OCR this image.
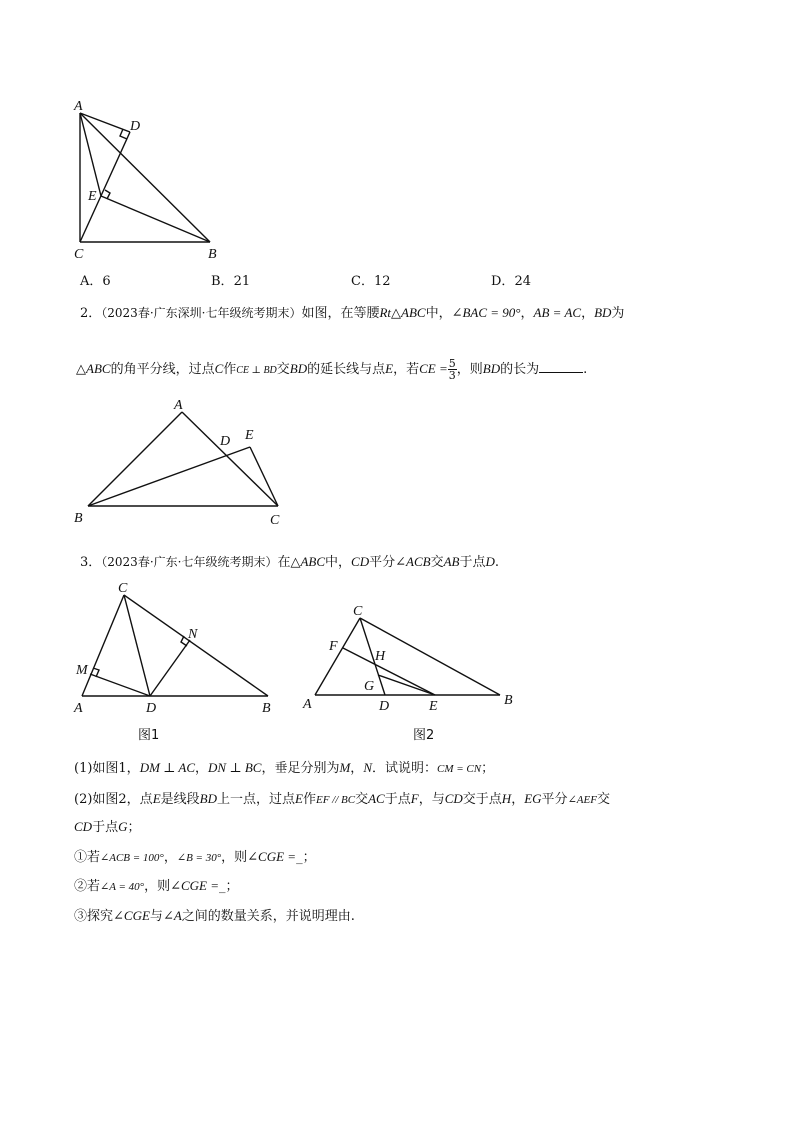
A
D
E
C	B
A．6	B．21	C．12	D．24
2．（2023春·广东深圳·七年级统考期末）如图，在等腰Rt△ABC中，∠BAC = 90°，AB = AC，BD为
△ABC的角平分线，过点C作CE ⊥ BD交BD的延长线与点E，若CE = $\frac{5}{3}$ ，则BD的长为	.
A
D E
B	C
3．（2023春·广东·七年级统考期末）在△ABC中，CD平分∠ACB交AB于点D.
C
N
M
A	D	B
图1
C
F
H
G
A	D	E	B
图2
(1)如图1，DM ⊥ AC，DN ⊥ BC，垂足分别为M，N．试说明：CM = CN；
(2)如图2，点E是线段BD上一点，过点E作EF // BC交AC于点F，与CD交于点H，EG平分∠AEF交
CD于点G；
①若∠ACB = 100°，∠B = 30°，则∠CGE =_；
②若∠A = 40°，则∠CGE =_；
③探究∠CGE与∠A之间的数量关系，并说明理由.
